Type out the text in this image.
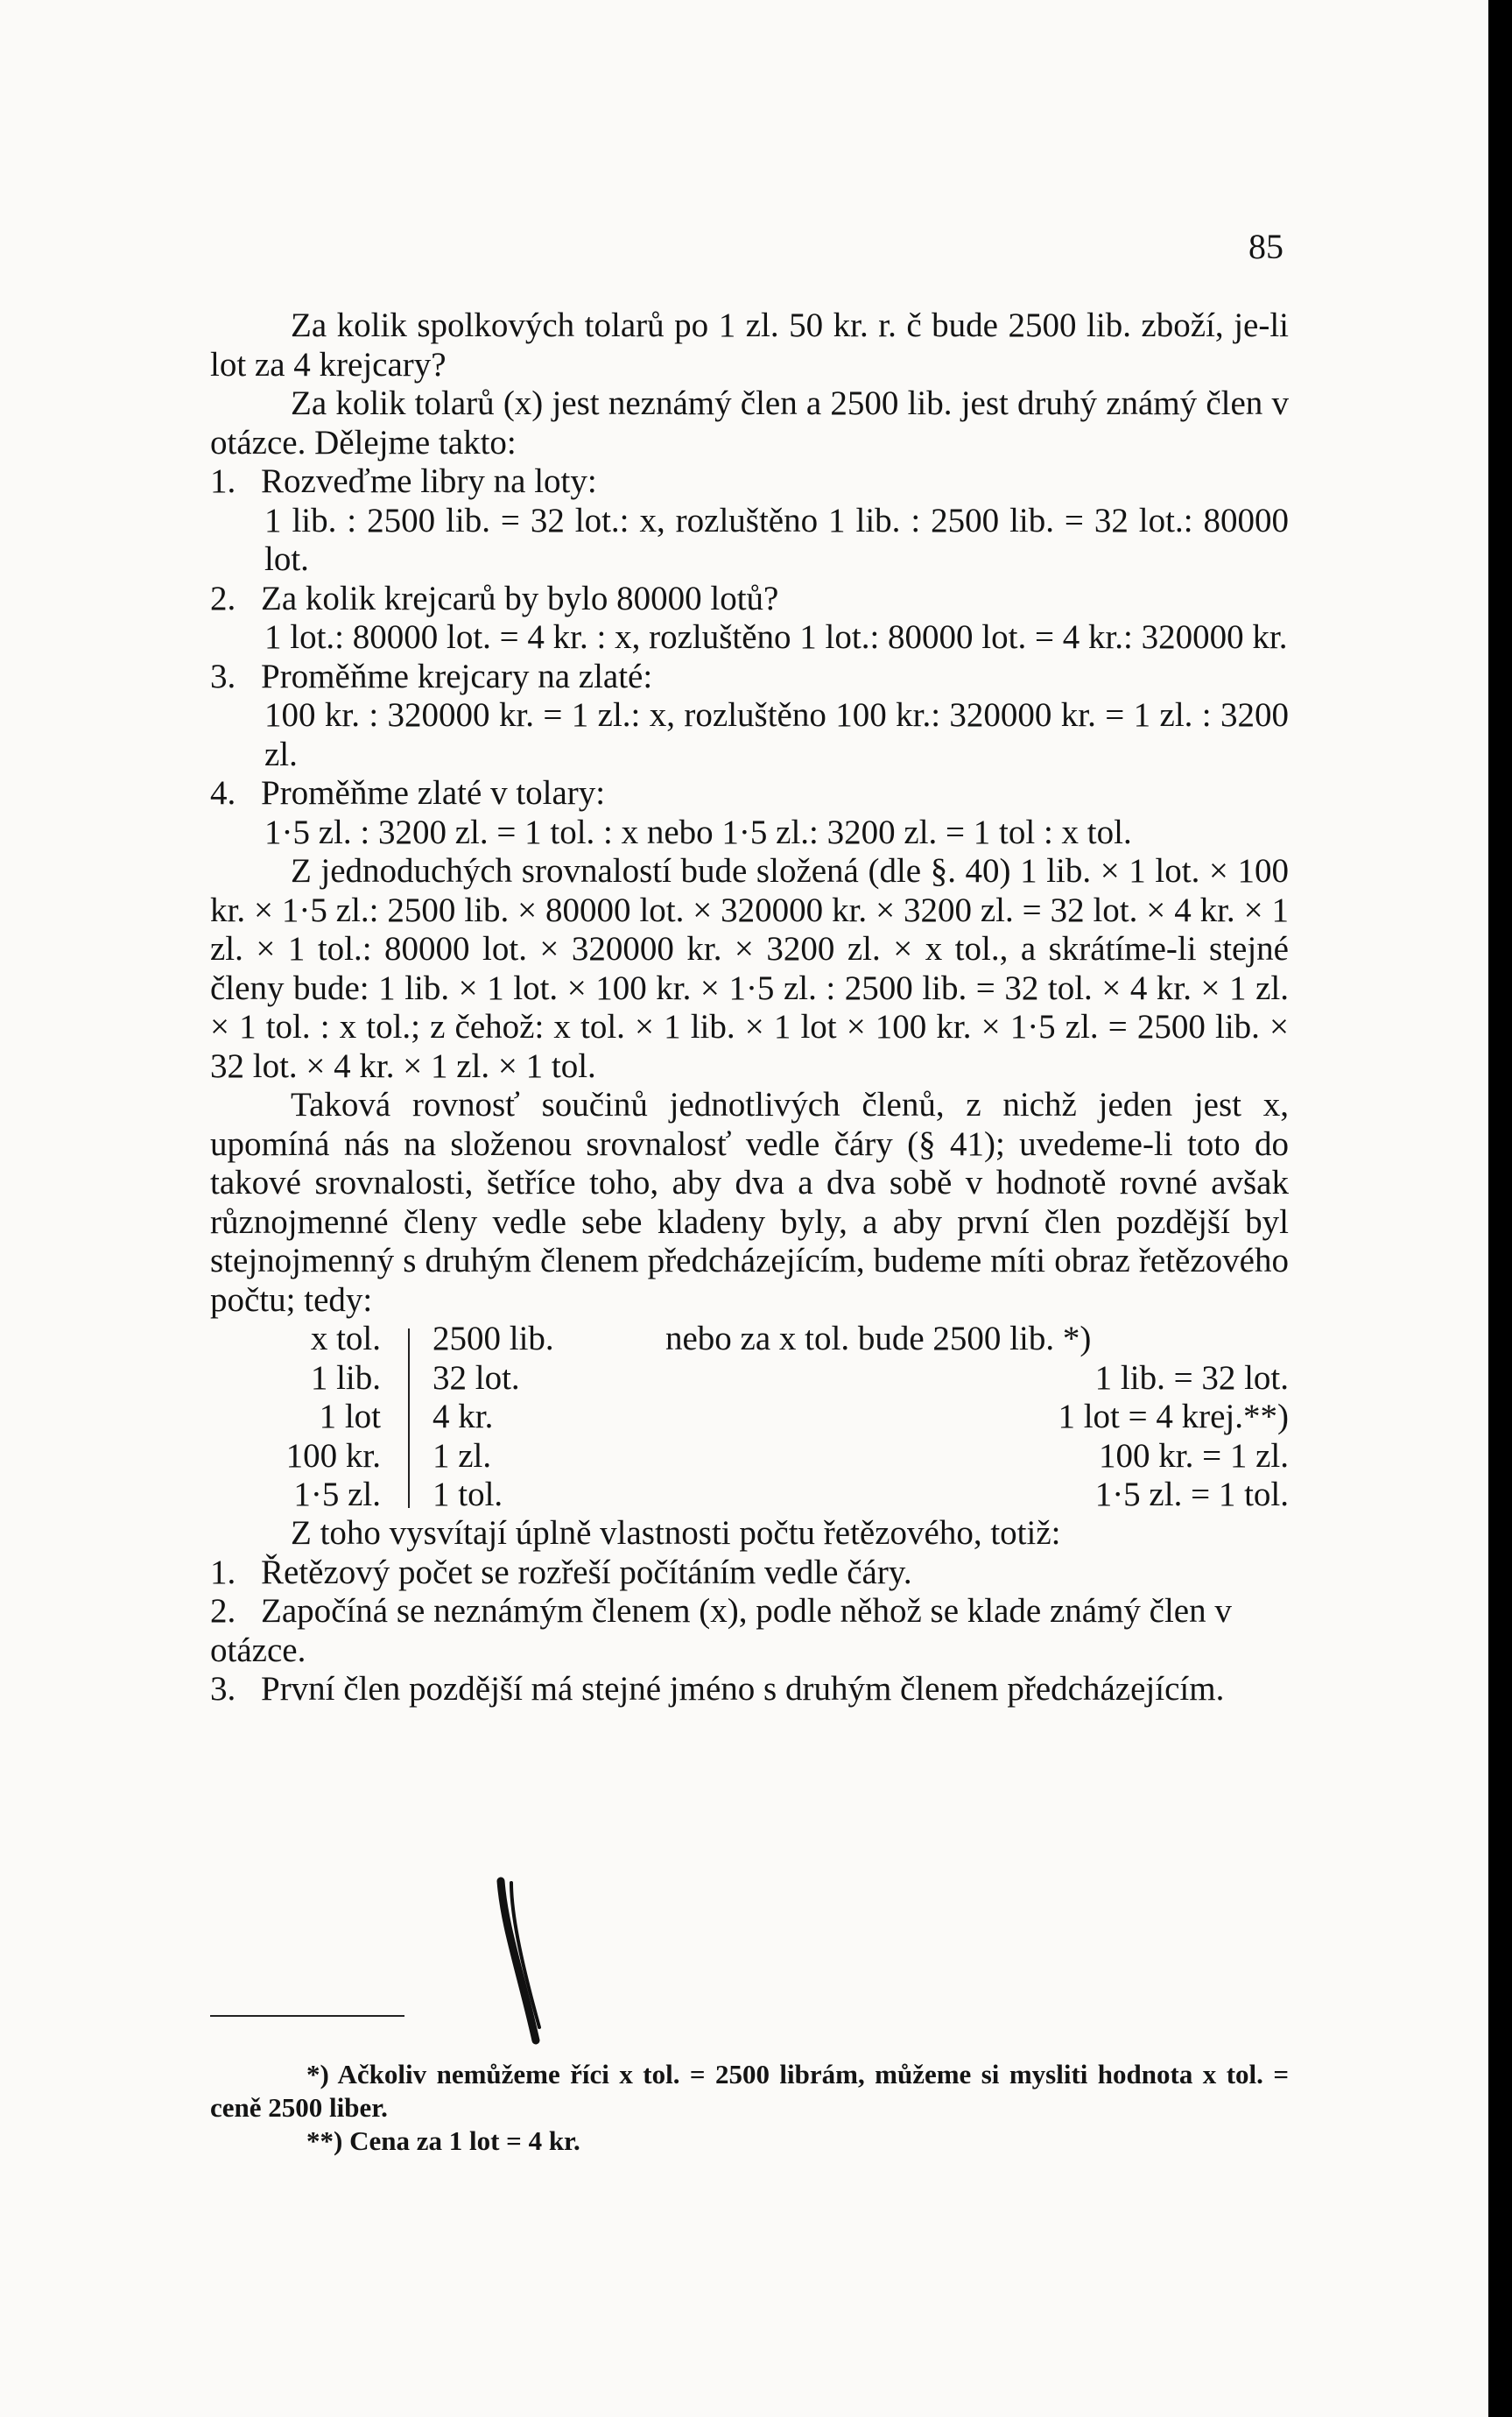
85
Za kolik spolkových tolarů po 1 zl. 50 kr. r. č bude 2500 lib. zboží, je-li lot za 4 krejcary?
Za kolik tolarů (x) jest neznámý člen a 2500 lib. jest druhý známý člen v otázce. Dělejme takto:
1. Rozveďme libry na loty:
1 lib. : 2500 lib. = 32 lot.: x, rozluštěno 1 lib. : 2500 lib. = 32 lot.: 80000 lot.
2. Za kolik krejcarů by bylo 80000 lotů?
1 lot.: 80000 lot. = 4 kr. : x, rozluštěno 1 lot.: 80000 lot. = 4 kr.: 320000 kr.
3. Proměňme krejcary na zlaté:
100 kr. : 320000 kr. = 1 zl.: x, rozluštěno 100 kr.: 320000 kr. = 1 zl. : 3200 zl.
4. Proměňme zlaté v tolary:
1·5 zl. : 3200 zl. = 1 tol. : x nebo 1·5 zl.: 3200 zl. = 1 tol : x tol.
Z jednoduchých srovnalostí bude složená (dle §. 40) 1 lib. × 1 lot. × 100 kr. × 1·5 zl.: 2500 lib. × 80000 lot. × 320000 kr. × 3200 zl. = 32 lot. × 4 kr. × 1 zl. × 1 tol.: 80000 lot. × 320000 kr. × 3200 zl. × x tol., a skrátíme-li stejné členy bude: 1 lib. × 1 lot. × 100 kr. × 1·5 zl. : 2500 lib. = 32 tol. × 4 kr. × 1 zl. × 1 tol. : x tol.; z čehož: x tol. × 1 lib. × 1 lot × 100 kr. × 1·5 zl. = 2500 lib. × 32 lot. × 4 kr. × 1 zl. × 1 tol.
Taková rovnosť součinů jednotlivých členů, z nichž jeden jest x, upomíná nás na složenou srovnalosť vedle čáry (§ 41); uvedeme-li toto do takové srovnalosti, šetříce toho, aby dva a dva sobě v hodnotě rovné avšak různojmenné členy vedle sebe kladeny byly, a aby první člen pozdější byl stejnojmenný s druhým členem předcházejícím, budeme míti obraz řetězového počtu; tedy:
x tol.
1 lib.
1 lot
100 kr.
1·5 zl.
2500 lib.
32 lot.
4 kr.
1 zl.
1 tol.
nebo za x tol. bude 2500 lib. *)
1 lib. = 32 lot.
1 lot = 4 krej.**)
100 kr. = 1 zl.
1·5 zl. = 1 tol.
Z toho vysvítají úplně vlastnosti počtu řetězového, totiž:
1. Řetězový počet se rozřeší počítáním vedle čáry.
2. Započíná se neznámým členem (x), podle něhož se klade známý člen v otázce.
3. První člen pozdější má stejné jméno s druhým členem předcházejícím.
*) Ačkoliv nemůžeme říci x tol. = 2500 librám, můžeme si mysliti hodnota x tol. = ceně 2500 liber.
**) Cena za 1 lot = 4 kr.
